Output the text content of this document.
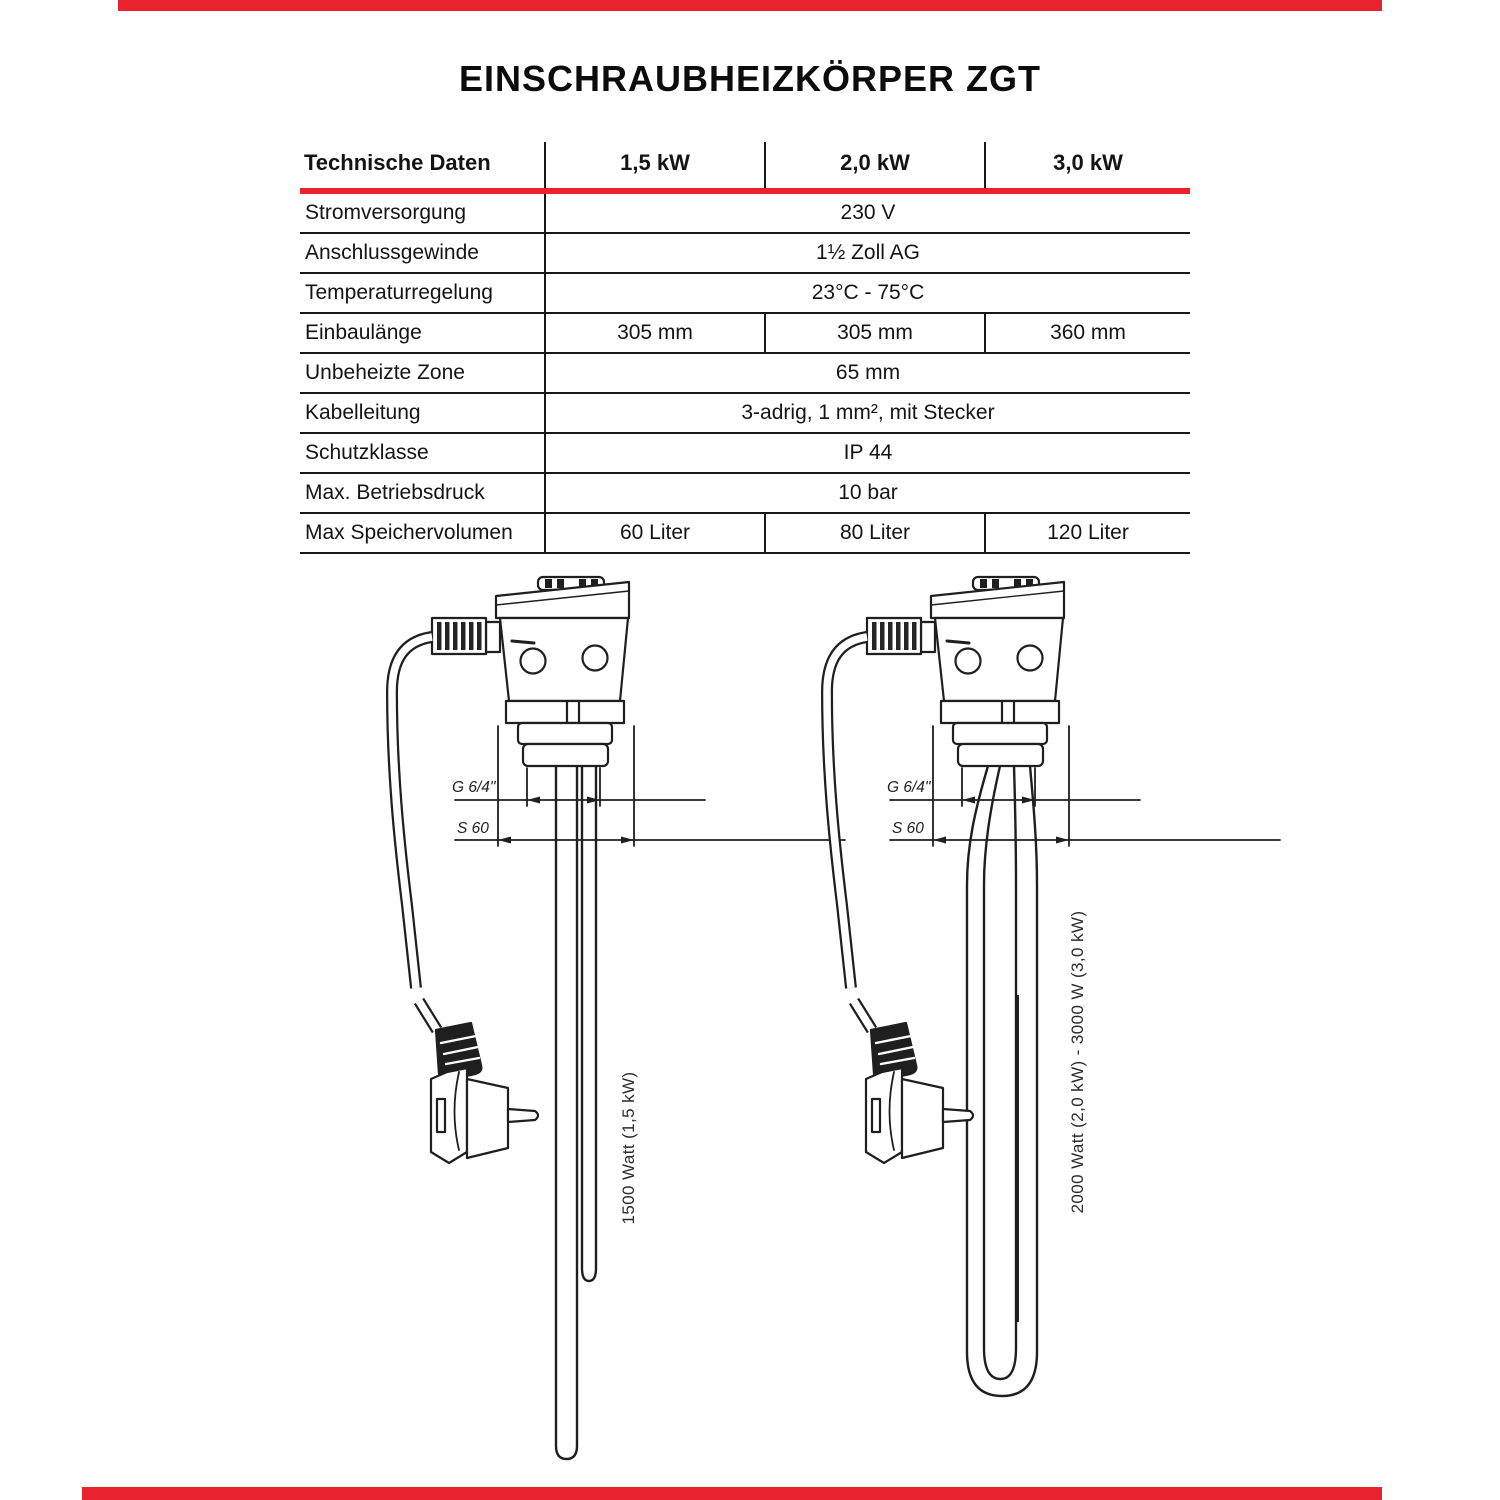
EINSCHRAUBHEIZKÖRPER ZGT
Technische Daten	1,5 kW	2,0 kW	3,0 kW
Stromversorgung	230 V		
Anschlussgewinde	1½ Zoll AG		
Temperaturregelung	23°C - 75°C		
Einbaulänge	305 mm	305 mm	360 mm
Unbeheizte Zone	65 mm		
Kabelleitung	3-adrig, 1 mm², mit Stecker		
Schutzklasse	IP 44		
Max. Betriebsdruck	10 bar		
Max Speichervolumen	60 Liter	80 Liter	120 Liter
G 6/4"
S 60
G 6/4"
S 60
1500 Watt (1,5 kW)	2000 Watt (2,0 kW) - 3000 W (3,0 kW)
